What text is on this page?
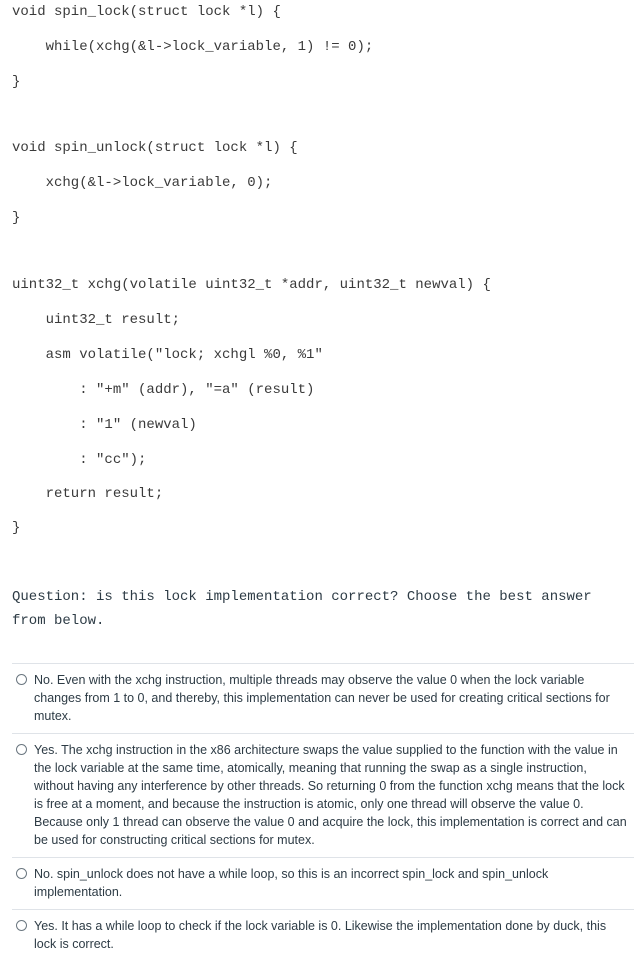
void spin_lock(struct lock *l) {

while(xchg(&l->lock_variable, 1) != 0);

}

void spin_unlock(struct lock *l) {

xchg(&l->lock_variable, 0);

}

uint32_t xchg(volatile uint32_t *addr, uint32_t newval) {

uint32_t result;

asm volatile("lock; xchgl %0, %1"

: "+m" (addr), "=a" (result)

: "1" (newval)

: "cc");

return result;

}

Question: is this lock implementation correct? Choose the best answer from below.
No. Even with the xchg instruction, multiple threads may observe the value 0 when the lock variable changes from 1 to 0, and thereby, this implementation can never be used for creating critical sections for mutex.
Yes. The xchg instruction in the x86 architecture swaps the value supplied to the function with the value in the lock variable at the same time, atomically, meaning that running the swap as a single instruction, without having any interference by other threads. So returning 0 from the function xchg means that the lock is free at a moment, and because the instruction is atomic, only one thread will observe the value 0. Because only 1 thread can observe the value 0 and acquire the lock, this implementation is correct and can be used for constructing critical sections for mutex.
No. spin_unlock does not have a while loop, so this is an incorrect spin_lock and spin_unlock implementation.
Yes. It has a while loop to check if the lock variable is 0. Likewise the implementation done by duck, this lock is correct.
